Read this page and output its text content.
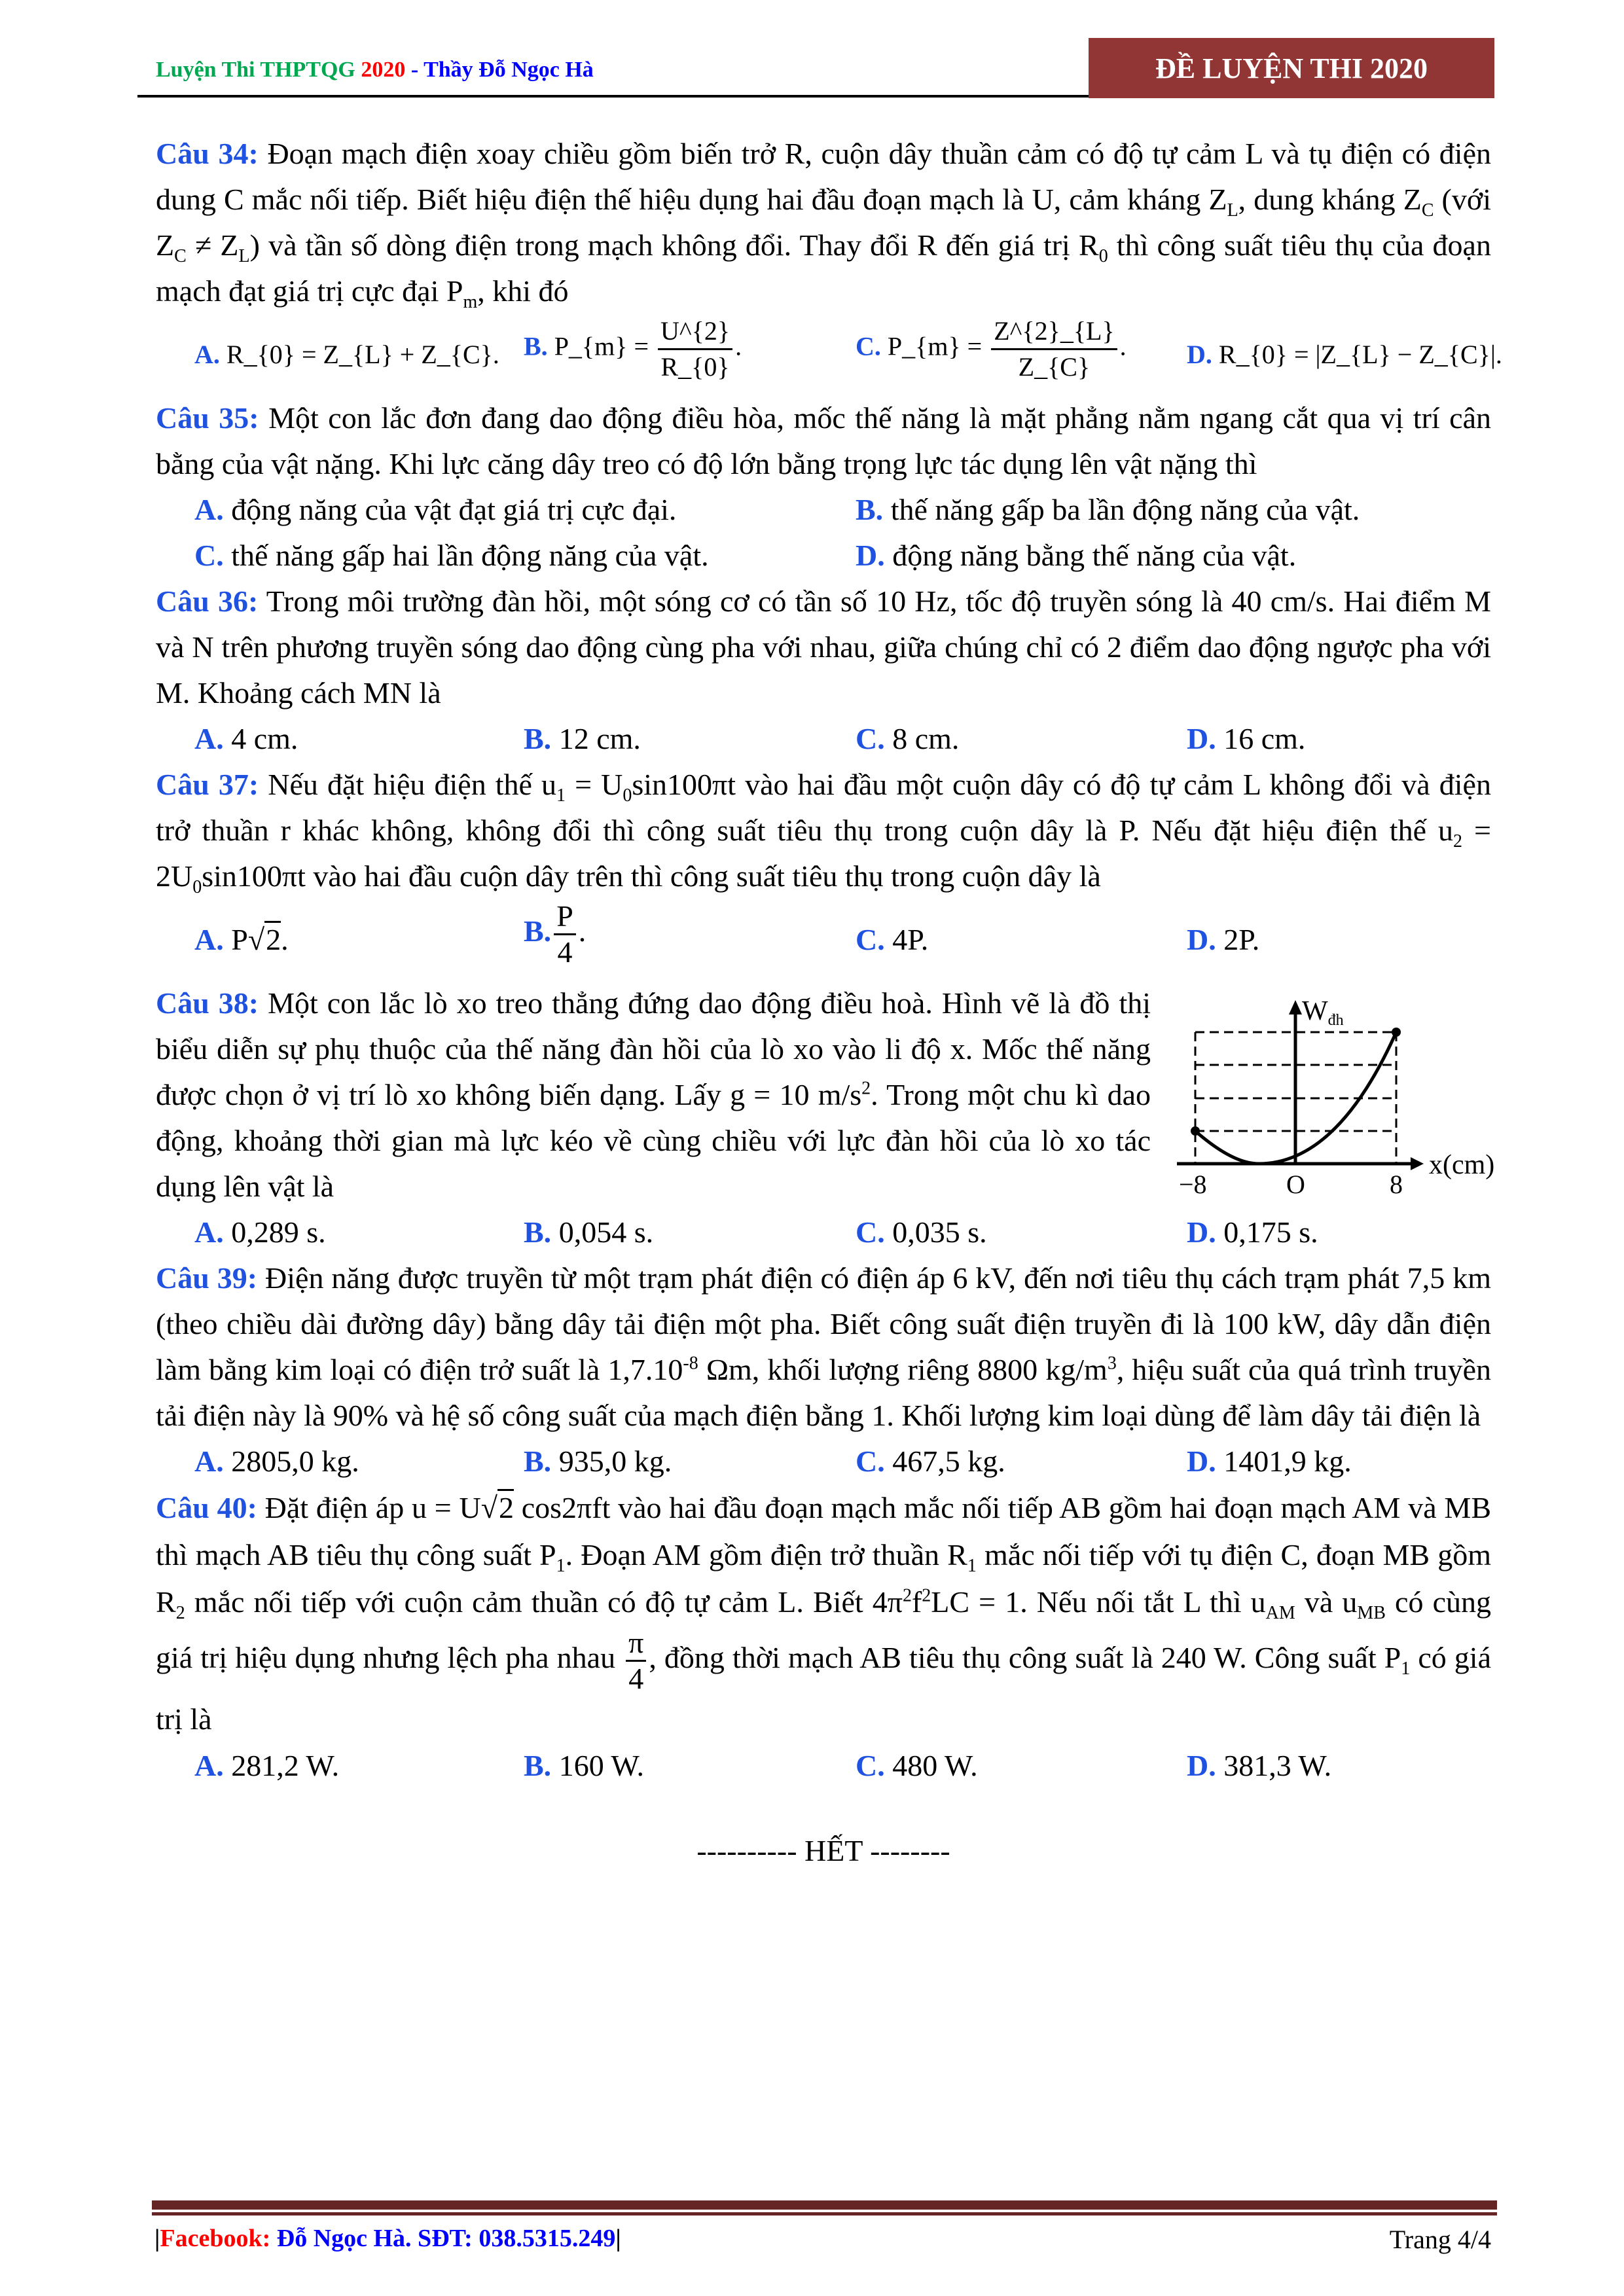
Luyện Thi THPTQG 2020 - Thầy Đỗ Ngọc Hà	ĐỀ LUYỆN THI 2020

Câu 34: Đoạn mạch điện xoay chiều gồm biến trở R, cuộn dây thuần cảm có độ tự cảm L và tụ điện có điện dung C mắc nối tiếp. Biết hiệu điện thế hiệu dụng hai đầu đoạn mạch là U, cảm kháng $Z_L$, dung kháng $Z_C$ (với $Z_C \ne Z_L$) và tần số dòng điện trong mạch không đổi. Thay đổi R đến giá trị $R_0$ thì công suất tiêu thụ của đoạn mạch đạt giá trị cực đại $P_m$, khi đó

A. R_{0} = Z_{L} + Z_{C}. B. P_{m} = $\frac{U\^{}\{2\}}{R\_\{0\}}$ .	C. P_{m} = $\frac{Z\^{}\{2\}\_\{L\}}{Z\_\{C\}}$ . D. R_{0} = |Z_{L} − Z_{C}|.

Câu 35: Một con lắc đơn đang dao động điều hòa, mốc thế năng là mặt phẳng nằm ngang cắt qua vị trí cân bằng của vật nặng. Khi lực căng dây treo có độ lớn bằng trọng lực tác dụng lên vật nặng thì

A. động năng của vật đạt giá trị cực đại.	B. thế năng gấp ba lần động năng của vật.
C. thế năng gấp hai lần động năng của vật.	D. động năng bằng thế năng của vật.

Câu 36: Trong môi trường đàn hồi, một sóng cơ có tần số 10 Hz, tốc độ truyền sóng là 40 cm/s. Hai điểm M và N trên phương truyền sóng dao động cùng pha với nhau, giữa chúng chỉ có 2 điểm dao động ngược pha với M. Khoảng cách MN là

A. 4 cm.	B. 12 cm.	C. 8 cm.	D. 16 cm.

Câu 37: Nếu đặt hiệu điện thế $u_1 = U_0\sin 100\pi t$ vào hai đầu một cuộn dây có độ tự cảm L không đổi và điện trở thuần r khác không, không đổi thì công suất tiêu thụ trong cuộn dây là P. Nếu đặt hiệu điện thế $u_2 = 2U_0\sin 100\pi t$ vào hai đầu cuộn dây trên thì công suất tiêu thụ trong cuộn dây là

A. P√2.	B. $\frac{P}{4}$ .	C. 4P.	D. 2P.

Câu 38: Một con lắc lò xo treo thẳng đứng dao động điều hoà. Hình vẽ là đồ thị biểu diễn sự phụ thuộc của thế năng đàn hồi của lò xo vào li độ x. Mốc thế năng được chọn ở vị trí lò xo không biến dạng. Lấy g = 10 $m/s^2$. Trong một chu kì dao động, khoảng thời gian mà lực kéo về cùng chiều với lực đàn hồi của lò xo tác dụng lên vật là

Wđh
x(cm)
−8	O	8
A. 0,289 s.	B. 0,054 s.	C. 0,035 s.	D. 0,175 s.

Câu 39: Điện năng được truyền từ một trạm phát điện có điện áp 6 kV, đến nơi tiêu thụ cách trạm phát 7,5 km (theo chiều dài đường dây) bằng dây tải điện một pha. Biết công suất điện truyền đi là 100 kW, dây dẫn điện làm bằng kim loại có điện trở suất là $1,7.10^{-8}$ Ωm, khối lượng riêng 8800 $kg/m^3$, hiệu suất của quá trình truyền tải điện này là 90% và hệ số công suất của mạch điện bằng 1. Khối lượng kim loại dùng để làm dây tải điện là

A. 2805,0 kg.	B. 935,0 kg.	C. 467,5 kg.	D. 1401,9 kg.

Câu 40: Đặt điện áp u = U√2 cos2πft vào hai đầu đoạn mạch mắc nối tiếp AB gồm hai đoạn mạch AM và MB thì mạch AB tiêu thụ công suất $P_1$. Đoạn AM gồm điện trở thuần $R_1$ mắc nối tiếp với tụ điện C, đoạn MB gồm $R_2$ mắc nối tiếp với cuộn cảm thuần có độ tự cảm L. Biết $4\pi^2f^2LC = 1$. Nếu nối tắt L thì $u_{AM}$ và $u_{MB}$ có cùng giá trị hiệu dụng nhưng lệch pha nhau $\frac{\pi}{4}$ , đồng thời mạch AB tiêu thụ công suất là 240 W. Công suất $P_1$ có giá trị là

A. 281,2 W.	B. 160 W.	C. 480 W.	D. 381,3 W.
---------- HẾT --------
|Facebook: Đỗ Ngọc Hà. SĐT: 038.5315.249|	Trang 4/4
